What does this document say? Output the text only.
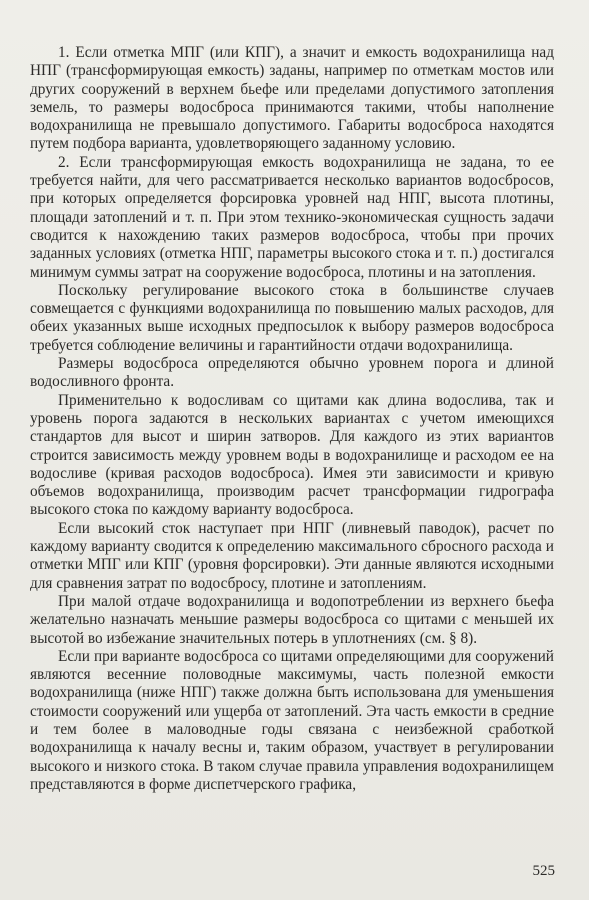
1. Если отметка МПГ (или КПГ), а значит и емкость водохранилища над НПГ (трансформирующая емкость) заданы, например по отметкам мостов или других сооружений в верхнем бьефе или пределами допустимого затопления земель, то размеры водосброса принимаются такими, чтобы наполнение водохранилища не превышало допустимого. Габариты водосброса находятся путем подбора варианта, удовлетворяющего заданному условию.

2. Если трансформирующая емкость водохранилища не задана, то ее требуется найти, для чего рассматривается несколько вариантов водосбросов, при которых определяется форсировка уровней над НПГ, высота плотины, площади затоплений и т. п. При этом технико-экономическая сущность задачи сводится к нахождению таких размеров водосброса, чтобы при прочих заданных условиях (отметка НПГ, параметры высокого стока и т. п.) достигался минимум суммы затрат на сооружение водосброса, плотины и на затопления.

Поскольку регулирование высокого стока в большинстве случаев совмещается с функциями водохранилища по повышению малых расходов, для обеих указанных выше исходных предпосылок к выбору размеров водосброса требуется соблюдение величины и гарантийности отдачи водохранилища.

Размеры водосброса определяются обычно уровнем порога и длиной водосливного фронта.

Применительно к водосливам со щитами как длина водослива, так и уровень порога задаются в нескольких вариантах с учетом имеющихся стандартов для высот и ширин затворов. Для каждого из этих вариантов строится зависимость между уровнем воды в водохранилище и расходом ее на водосливе (кривая расходов водосброса). Имея эти зависимости и кривую объемов водохранилища, производим расчет трансформации гидрографа высокого стока по каждому варианту водосброса.

Если высокий сток наступает при НПГ (ливневый паводок), расчет по каждому варианту сводится к определению максимального сбросного расхода и отметки МПГ или КПГ (уровня форсировки). Эти данные являются исходными для сравнения затрат по водосбросу, плотине и затоплениям.

При малой отдаче водохранилища и водопотреблении из верхнего бьефа желательно назначать меньшие размеры водосброса со щитами с меньшей их высотой во избежание значительных потерь в уплотнениях (см. § 8).

Если при варианте водосброса со щитами определяющими для сооружений являются весенние половодные максимумы, часть полезной емкости водохранилища (ниже НПГ) также должна быть использована для уменьшения стоимости сооружений или ущерба от затоплений. Эта часть емкости в средние и тем более в маловодные годы связана с неизбежной сработкой водохранилища к началу весны и, таким образом, участвует в регулировании высокого и низкого стока. В таком случае правила управления водохранилищем представляются в форме диспетчерского графика,

525
